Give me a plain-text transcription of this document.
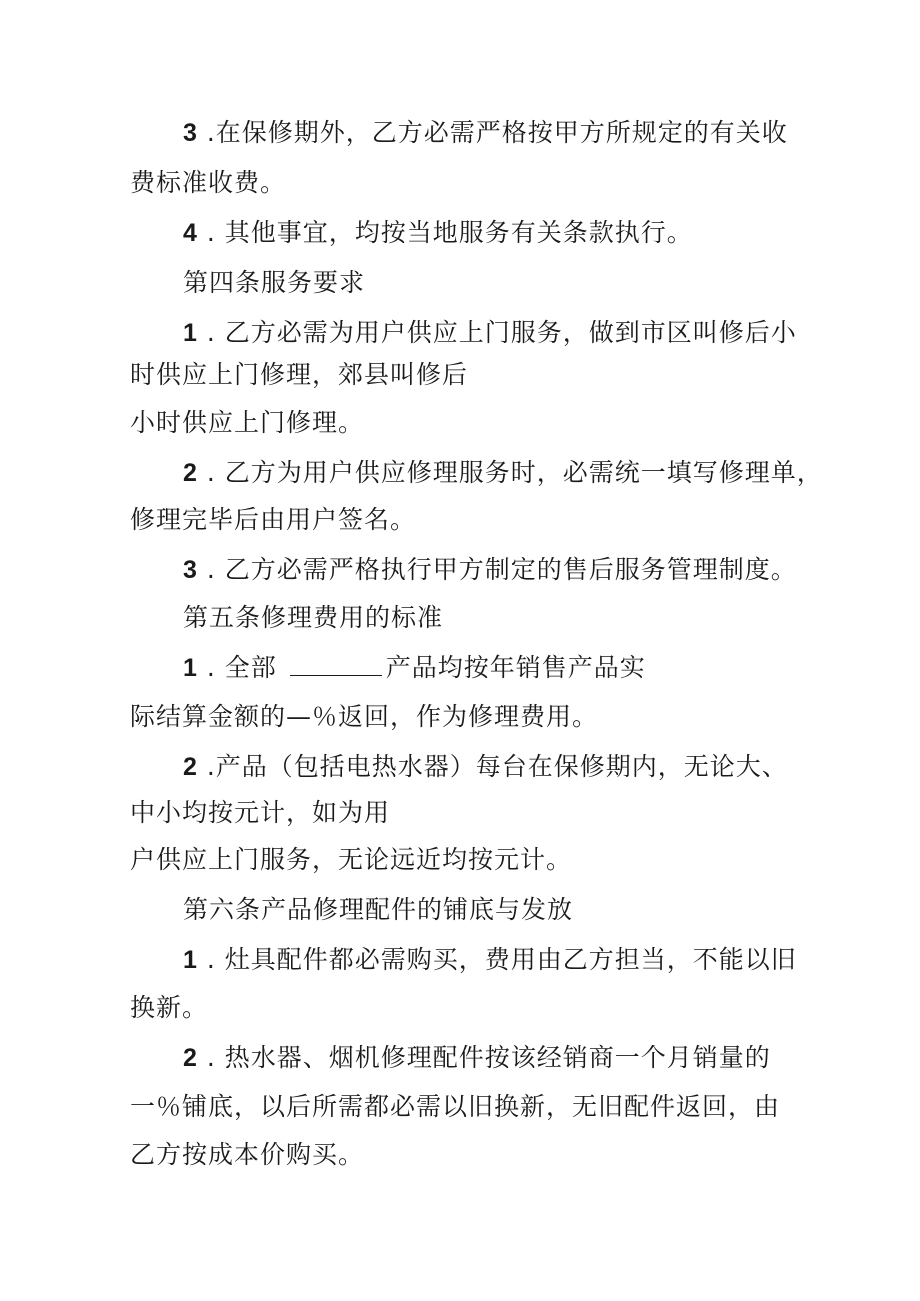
3 .在保修期外，乙方必需严格按甲方所规定的有关收
费标准收费。
4 . 其他事宜，均按当地服务有关条款执行。
第四条服务要求
1 . 乙方必需为用户供应上门服务，做到市区叫修后小
时供应上门修理，郊县叫修后
小时供应上门修理。
2 . 乙方为用户供应修理服务时，必需统一填写修理单，
修理完毕后由用户签名。
3 . 乙方必需严格执行甲方制定的售后服务管理制度。
第五条修理费用的标准
1 . 全部	产品均按年销售产品实
际结算金额的—％返回，作为修理费用。
2 .产品（包括电热水器）每台在保修期内，无论大、
中小均按元计，如为用
户供应上门服务，无论远近均按元计。
第六条产品修理配件的铺底与发放
1 . 灶具配件都必需购买，费用由乙方担当，不能以旧
换新。
2 . 热水器、烟机修理配件按该经销商一个月销量的
一％铺底，以后所需都必需以旧换新，无旧配件返回，由
乙方按成本价购买。
